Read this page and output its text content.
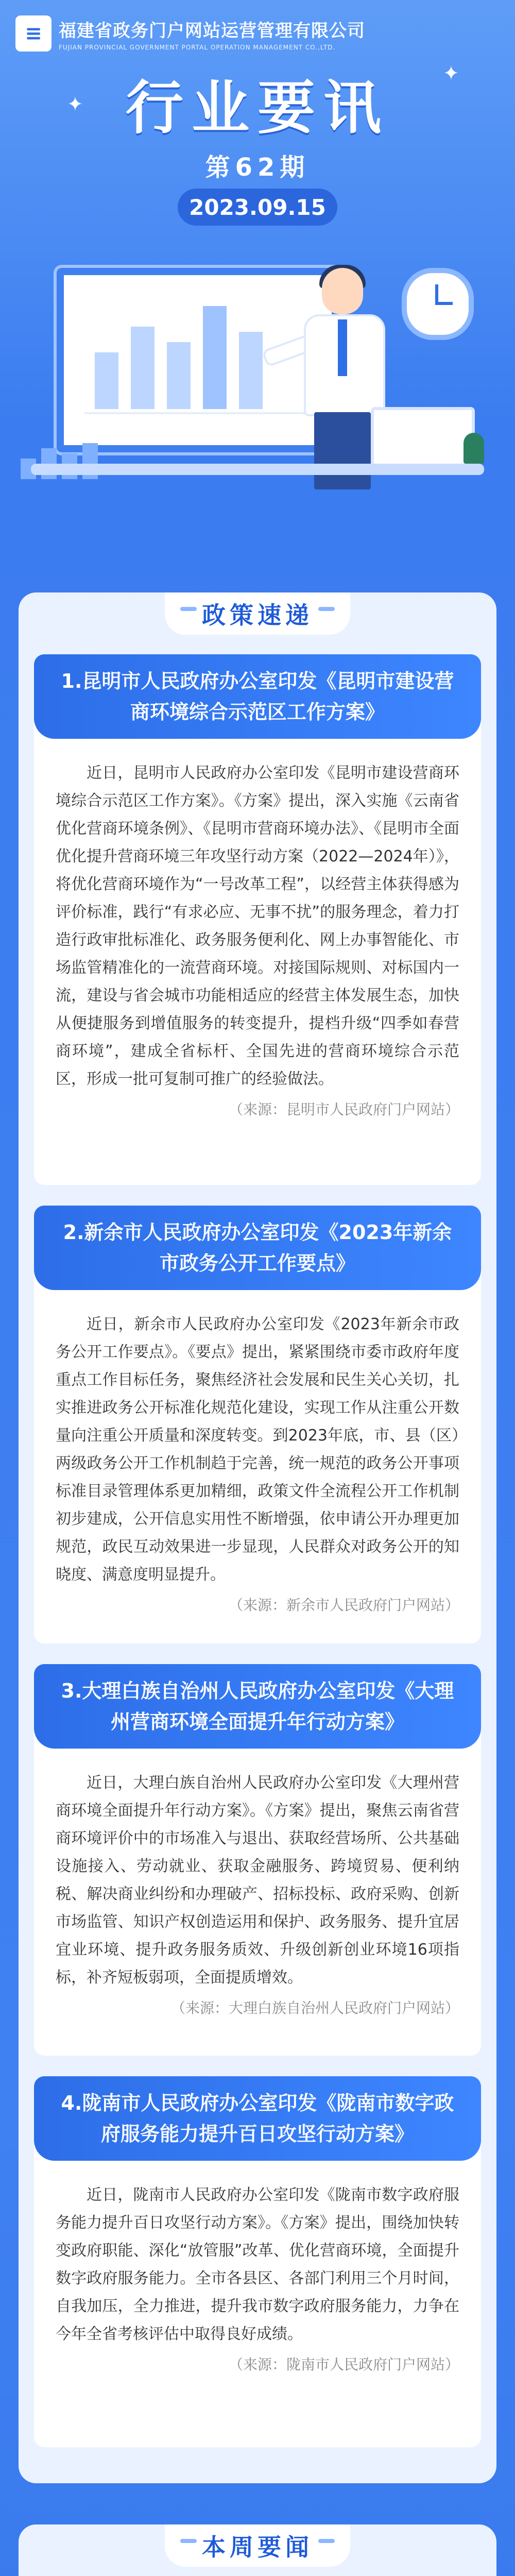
≡ 福建省政务门户网站运营管理有限公司
FUJIAN PROVINCIAL GOVERNMENT PORTAL OPERATION MANAGEMENT CO.,LTD.
行业要讯
第62期
2023.09.15
✦
✦
政策速递
1.昆明市人民政府办公室印发《昆明市建设营商环境综合示范区工作方案》
近日，昆明市人民政府办公室印发《昆明市建设营商环境综合示范区工作方案》。《方案》提出，深入实施《云南省优化营商环境条例》、《昆明市营商环境办法》、《昆明市全面优化提升营商环境三年攻坚行动方案（2022—2024年）》，将优化营商环境作为“一号改革工程”，以经营主体获得感为评价标准，践行“有求必应、无事不扰”的服务理念，着力打造行政审批标准化、政务服务便利化、网上办事智能化、市场监管精准化的一流营商环境。对接国际规则、对标国内一流，建设与省会城市功能相适应的经营主体发展生态，加快从便捷服务到增值服务的转变提升，提档升级“四季如春营商环境”，建成全省标杆、全国先进的营商环境综合示范区，形成一批可复制可推广的经验做法。
（来源：昆明市人民政府门户网站）
2.新余市人民政府办公室印发《2023年新余市政务公开工作要点》
近日，新余市人民政府办公室印发《2023年新余市政务公开工作要点》。《要点》提出，紧紧围绕市委市政府年度重点工作目标任务，聚焦经济社会发展和民生关心关切，扎实推进政务公开标准化规范化建设，实现工作从注重公开数量向注重公开质量和深度转变。到2023年底，市、县（区）两级政务公开工作机制趋于完善，统一规范的政务公开事项标准目录管理体系更加精细，政策文件全流程公开工作机制初步建成，公开信息实用性不断增强，依申请公开办理更加规范，政民互动效果进一步显现，人民群众对政务公开的知晓度、满意度明显提升。
（来源：新余市人民政府门户网站）
3.大理白族自治州人民政府办公室印发《大理州营商环境全面提升年行动方案》
近日，大理白族自治州人民政府办公室印发《大理州营商环境全面提升年行动方案》。《方案》提出，聚焦云南省营商环境评价中的市场准入与退出、获取经营场所、公共基础设施接入、劳动就业、获取金融服务、跨境贸易、便利纳税、解决商业纠纷和办理破产、招标投标、政府采购、创新市场监管、知识产权创造运用和保护、政务服务、提升宜居宜业环境、提升政务服务质效、升级创新创业环境16项指标，补齐短板弱项，全面提质增效。
（来源：大理白族自治州人民政府门户网站）
4.陇南市人民政府办公室印发《陇南市数字政府服务能力提升百日攻坚行动方案》
近日，陇南市人民政府办公室印发《陇南市数字政府服务能力提升百日攻坚行动方案》。《方案》提出，围绕加快转变政府职能、深化“放管服”改革、优化营商环境，全面提升数字政府服务能力。全市各县区、各部门利用三个月时间，自我加压，全力推进，提升我市数字政府服务能力，力争在今年全省考核评估中取得良好成绩。
（来源：陇南市人民政府门户网站）
本周要闻
